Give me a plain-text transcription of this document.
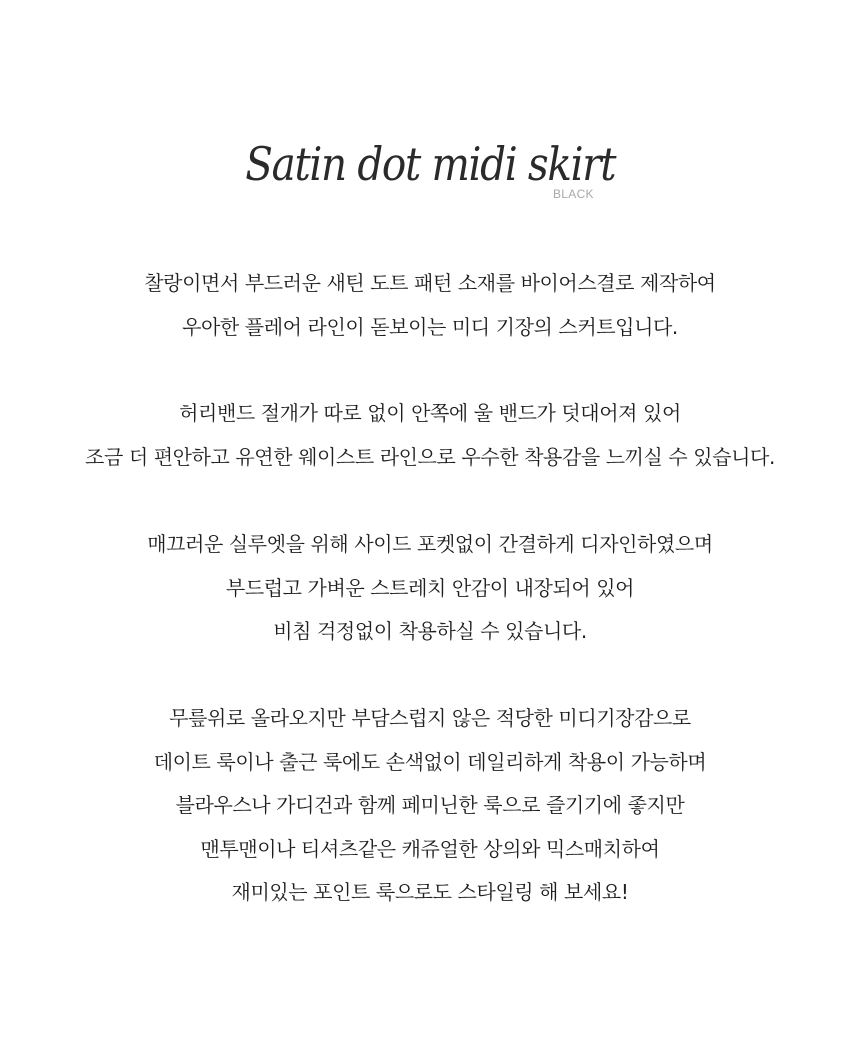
Satin dot midi skirt
BLACK
찰랑이면서 부드러운 새틴 도트 패턴 소재를 바이어스결로 제작하여
우아한 플레어 라인이 돋보이는 미디 기장의 스커트입니다.
허리밴드 절개가 따로 없이 안쪽에 울 밴드가 덧대어져 있어
조금 더 편안하고 유연한 웨이스트 라인으로 우수한 착용감을 느끼실 수 있습니다.
매끄러운 실루엣을 위해 사이드 포켓없이 간결하게 디자인하였으며
부드럽고 가벼운 스트레치 안감이 내장되어 있어
비침 걱정없이 착용하실 수 있습니다.
무릎위로 올라오지만 부담스럽지 않은 적당한 미디기장감으로
데이트 룩이나 출근 룩에도 손색없이 데일리하게 착용이 가능하며
블라우스나 가디건과 함께 페미닌한 룩으로 즐기기에 좋지만
맨투맨이나 티셔츠같은 캐쥬얼한 상의와 믹스매치하여
재미있는 포인트 룩으로도 스타일링 해 보세요!
